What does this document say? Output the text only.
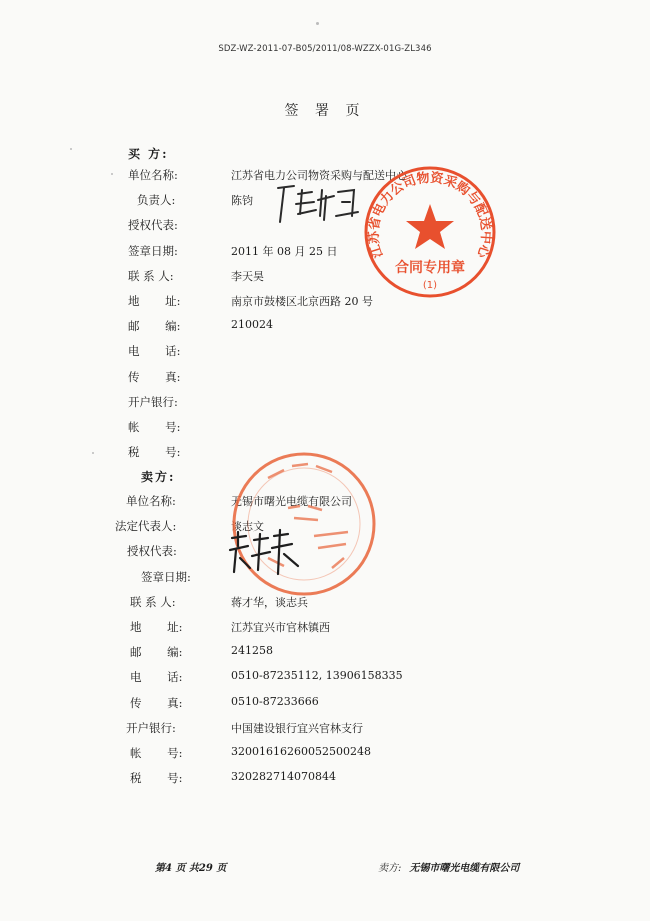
SDZ-WZ-2011-07-B05/2011/08-WZZX-01G-ZL346
签 署 页
买 方:
单位名称:	江苏省电力公司物资采购与配送中心
负责人:	陈钧
授权代表:
签章日期:	2011 年 08 月 25 日
联 系 人:	李天昊
地       址:	南京市鼓楼区北京西路 20 号
邮       编:	210024
电       话:
传       真:
开户银行:
帐       号:
税       号:
江苏省电力公司物资采购与配送中心
合同专用章
(1)
卖方:
单位名称:	无锡市曙光电缆有限公司
法定代表人:	谈志文
授权代表:
签章日期:
联 系 人:	蒋才华，谈志兵
地       址:	江苏宜兴市官林镇西
邮       编:	241258
电       话:	0510-87235112, 13906158335
传       真:	0510-87233666
开户银行:	中国建设银行宜兴官林支行
帐       号:	32001616260052500248
税       号:	320282714070844
第4 页 共29 页	卖方: 无锡市曙光电缆有限公司
